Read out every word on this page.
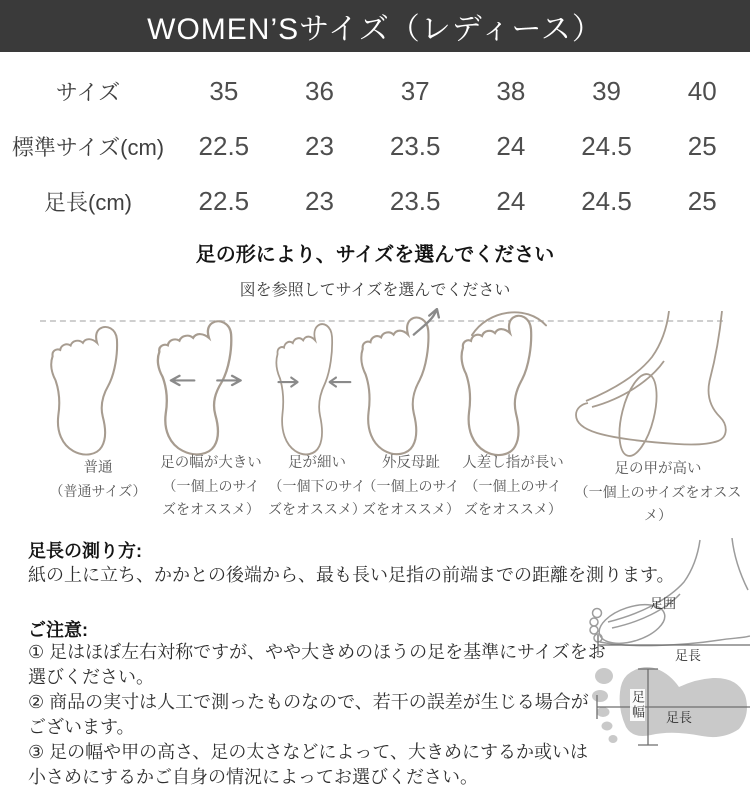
WOMEN’Sサイズ（レディース）
サイズ	35	36	37	38	39	40
標準サイズ(cm)	22.5	23	23.5	24	24.5	25
足長(cm)	22.5	23	23.5	24	24.5	25
足の形により、サイズを選んでください
図を参照してサイズを選んでください
普通
（普通サイズ）
足の幅が大きい
（一個上のサイズをオススメ）
足が細い
（一個下のサイズをオススメ）
外反母趾
（一個上のサイズをオススメ）
人差し指が長い
（一個上のサイズをオススメ）
足の甲が高い
（一個上のサイズをオススメ）
足長の測り方:
紙の上に立ち、かかとの後端から、最も長い足指の前端までの距離を測ります。
ご注意:

① 足はほぼ左右対称ですが、やや大きめのほうの足を基準にサイズをお選びください。

② 商品の実寸は人工で測ったものなので、若干の誤差が生じる場合がございます。

③ 足の幅や甲の高さ、足の太さなどによって、大きめにするか或いは小さめにするかご自身の情況によってお選びください。

足囲
足長
足幅 足長
